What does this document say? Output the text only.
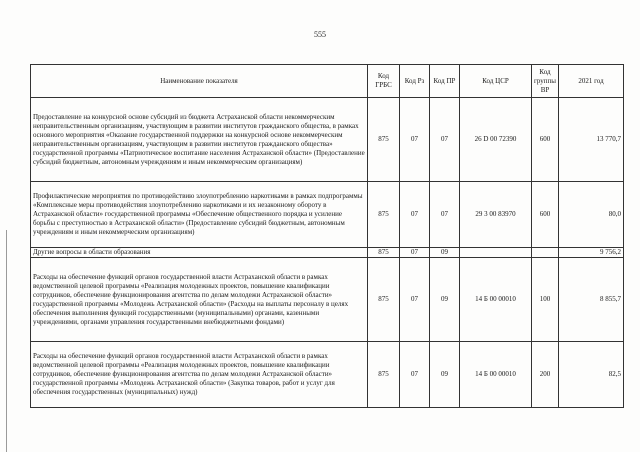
555
Наименование показателя	Код ГРБС	Код Рз	Код ПР	Код ЦСР	Код группы ВР	2021 год
Предоставление на конкурсной основе субсидий из бюджета Астраханской области некоммерческим неправительственным организациям, участвующим в развитии институтов гражданского общества, в рамках основного мероприятия «Оказание государственной поддержки на конкурсной основе некоммерческим неправительственным организациям, участвующим в развитии институтов гражданского общества» государственной программы «Патриотическое воспитание населения Астраханской области» (Предоставление субсидий бюджетным, автономным учреждениям и иным некоммерческим организациям)	875	07	07	26 D 00 72390	600	13 770,7
Профилактические мероприятия по противодействию злоупотреблению наркотиками в рамках подпрограммы «Комплексные меры противодействия злоупотреблению наркотиками и их незаконному обороту в Астраханской области» государственной программы «Обеспечение общественного порядка и усиление борьбы с преступностью в Астраханской области» (Предоставление субсидий бюджетным, автономным учреждениям и иным некоммерческим организациям)	875	07	07	29 3 00 83970	600	80,0
Другие вопросы в области образования	875	07	09			9 756,2
Расходы на обеспечение функций органов государственной власти Астраханской области в рамках ведомственной целевой программы «Реализация молодежных проектов, повышение квалификации сотрудников, обеспечение функционирования агентства по делам молодежи Астраханской области» государственной программы «Молодежь Астраханской области» (Расходы на выплаты персоналу в целях обеспечения выполнения функций государственными (муниципальными) органами, казенными учреждениями, органами управления государственными внебюджетными фондами)	875	07	09	14 Б 00 00010	100	8 855,7
Расходы на обеспечение функций органов государственной власти Астраханской области в рамках ведомственной целевой программы «Реализация молодежных проектов, повышение квалификации сотрудников, обеспечение функционирования агентства по делам молодежи Астраханской области» государственной программы «Молодежь Астраханской области» (Закупка товаров, работ и услуг для обеспечения государственных (муниципальных) нужд)	875	07	09	14 Б 00 00010	200	82,5
